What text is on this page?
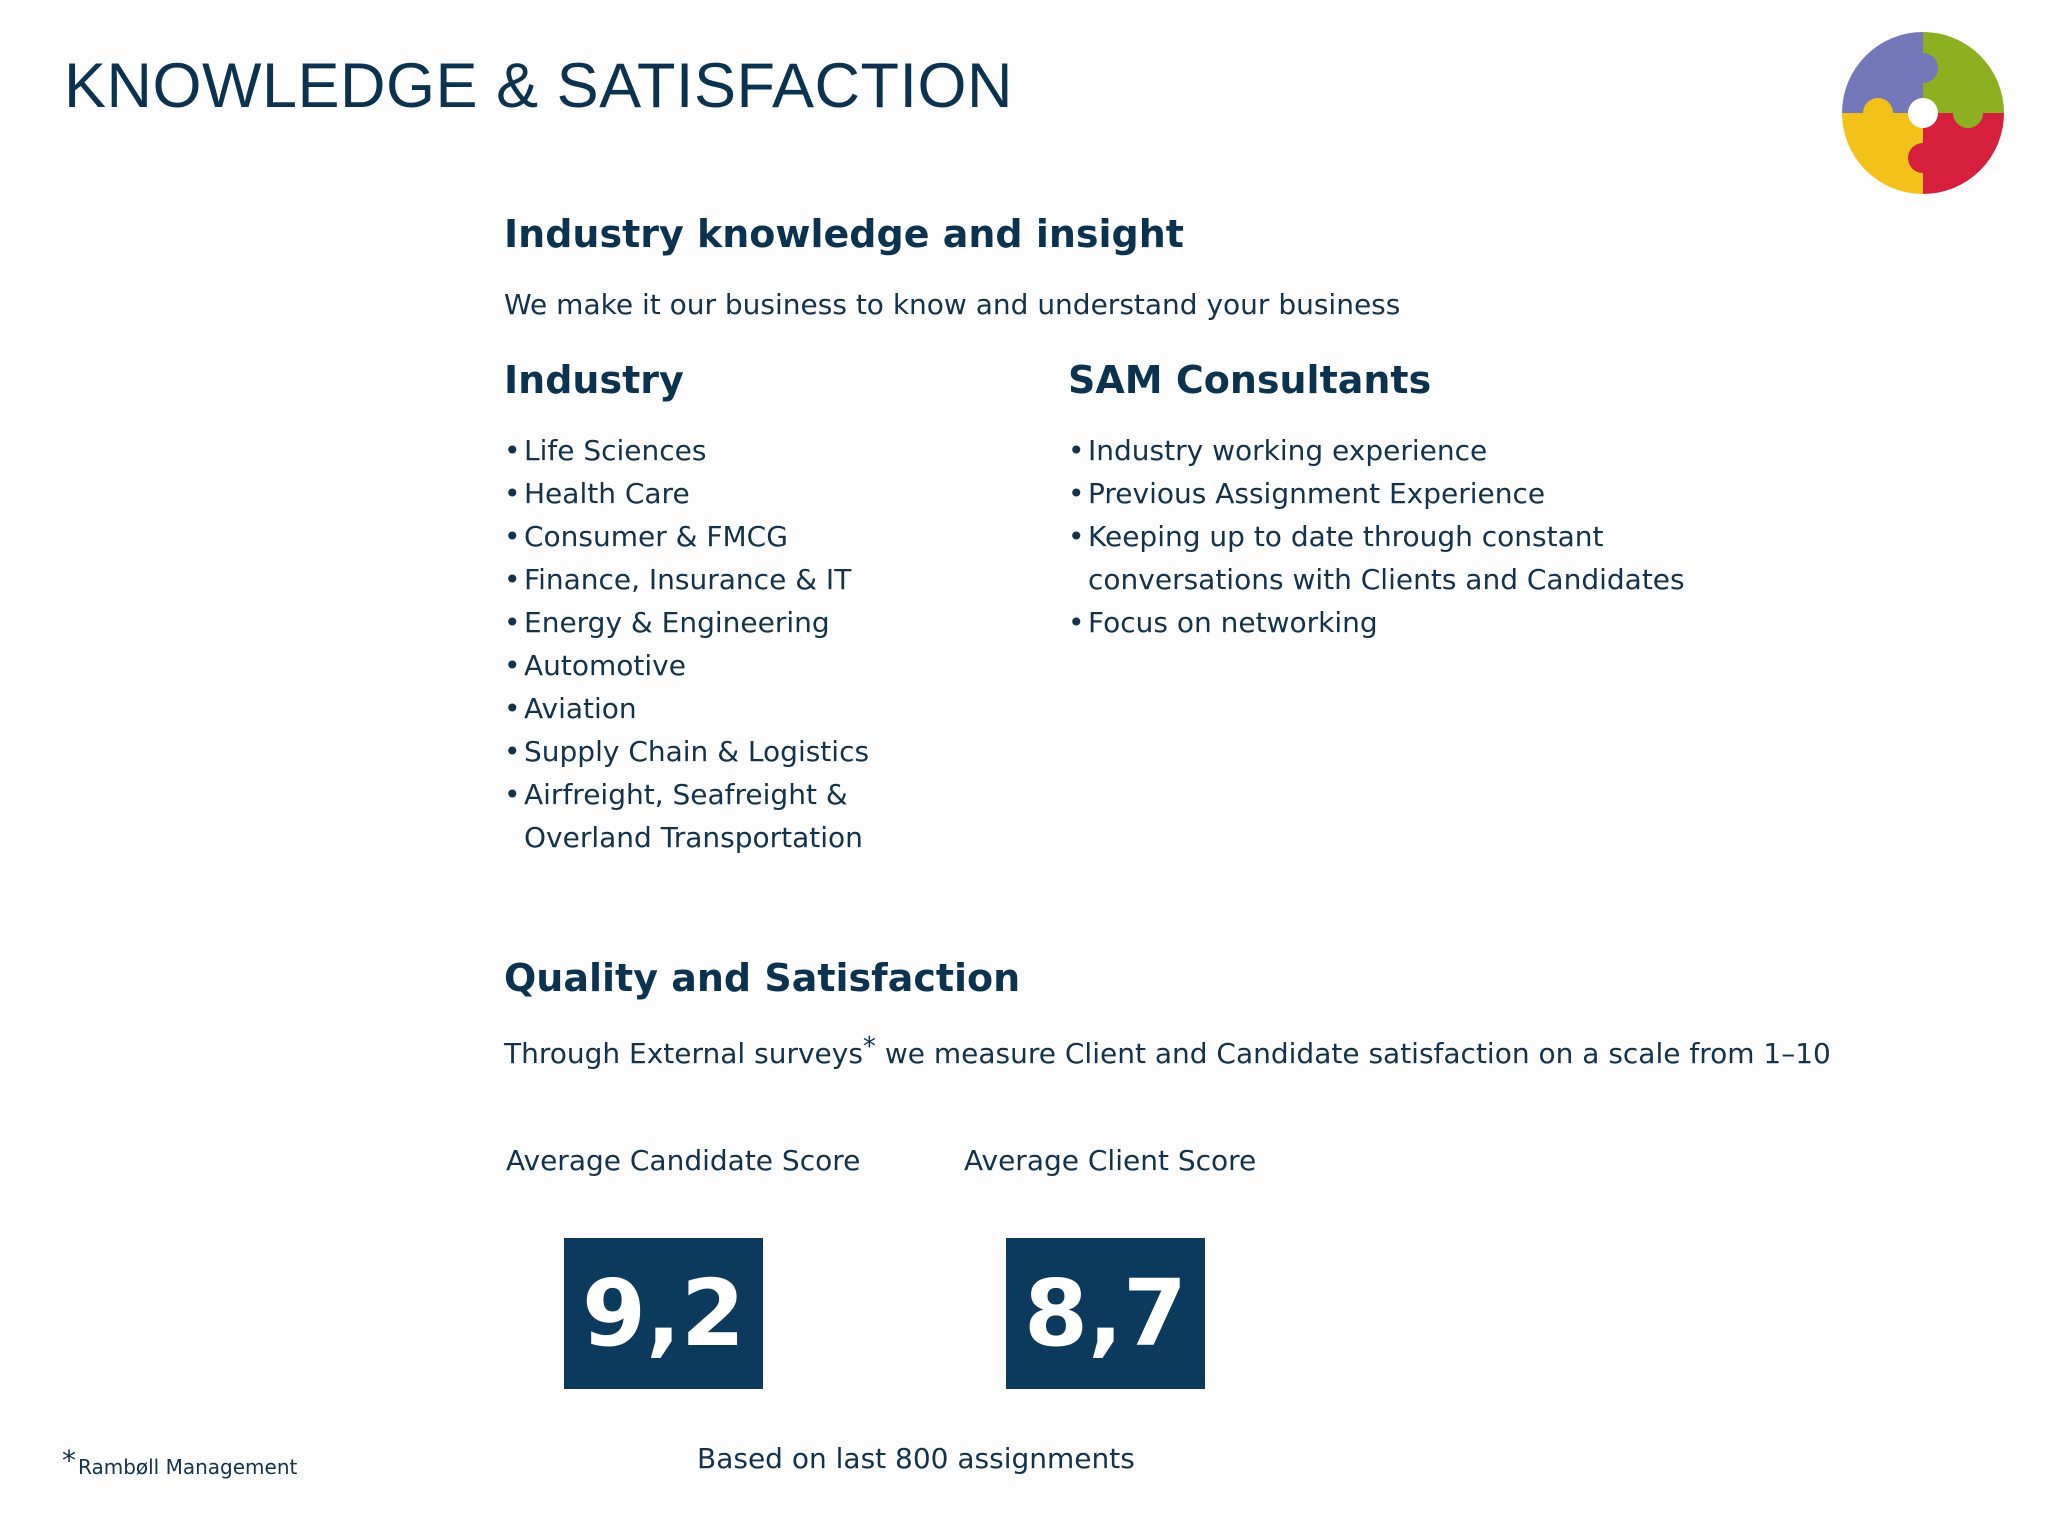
KNOWLEDGE & SATISFACTION
Industry knowledge and insight

We make it our business to know and understand your business

Industry
• Life Sciences
• Health Care
• Consumer & FMCG
• Finance, Insurance & IT
• Energy & Engineering
• Automotive
• Aviation
• Supply Chain & Logistics
• Airfreight, Seafreight &
Overland Transportation
SAM Consultants
• Industry working experience
• Previous Assignment Experience
• Keeping up to date through constant
conversations with Clients and Candidates
• Focus on networking
Quality and Satisfaction

Through External surveys* we measure Client and Candidate satisfaction on a scale from 1–10

Average Candidate Score

9,2

Average Client Score

8,7
* Rambøll Management	Based on last 800 assignments
